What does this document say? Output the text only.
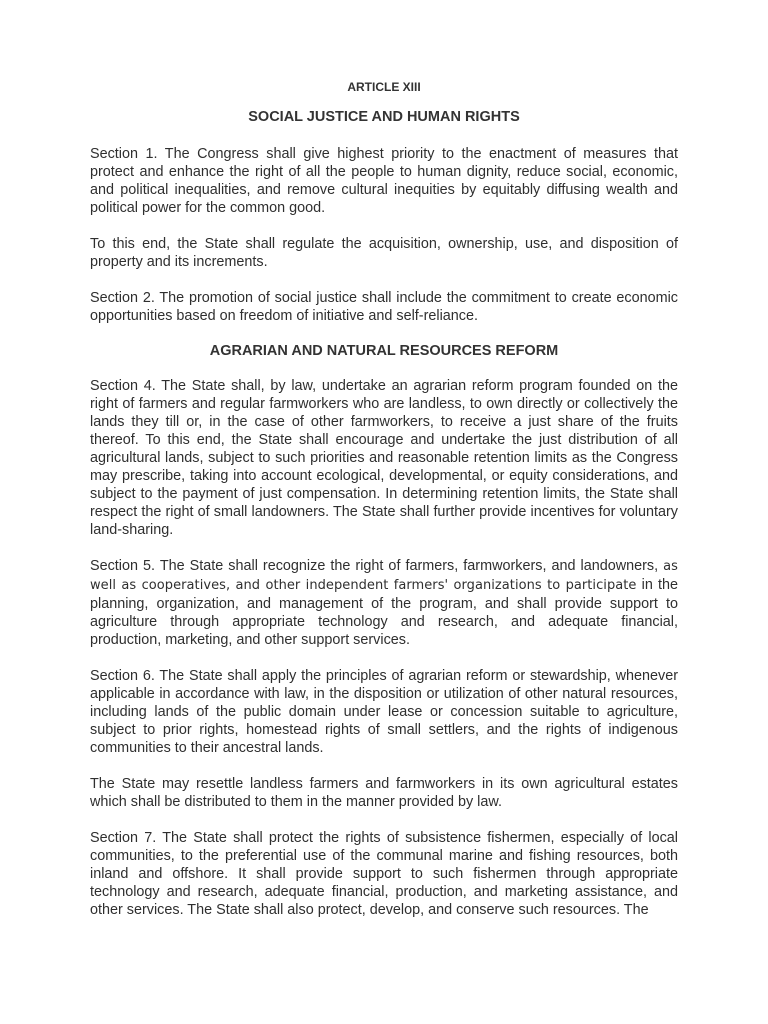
ARTICLE XIII
SOCIAL JUSTICE AND HUMAN RIGHTS

Section 1. The Congress shall give highest priority to the enactment of measures that protect and enhance the right of all the people to human dignity, reduce social, economic, and political inequalities, and remove cultural inequities by equitably diffusing wealth and political power for the common good.

To this end, the State shall regulate the acquisition, ownership, use, and disposition of property and its increments.

Section 2. The promotion of social justice shall include the commitment to create economic opportunities based on freedom of initiative and self-reliance.

AGRARIAN AND NATURAL RESOURCES REFORM

Section 4. The State shall, by law, undertake an agrarian reform program founded on the right of farmers and regular farmworkers who are landless, to own directly or collectively the lands they till or, in the case of other farmworkers, to receive a just share of the fruits thereof. To this end, the State shall encourage and undertake the just distribution of all agricultural lands, subject to such priorities and reasonable retention limits as the Congress may prescribe, taking into account ecological, developmental, or equity considerations, and subject to the payment of just compensation. In determining retention limits, the State shall respect the right of small landowners. The State shall further provide incentives for voluntary land-sharing.

Section 5. The State shall recognize the right of farmers, farmworkers, and landowners, as well as cooperatives, and other independent farmers' organizations to participate in the planning, organization, and management of the program, and shall provide support to agriculture through appropriate technology and research, and adequate financial, production, marketing, and other support services.

Section 6. The State shall apply the principles of agrarian reform or stewardship, whenever applicable in accordance with law, in the disposition or utilization of other natural resources, including lands of the public domain under lease or concession suitable to agriculture, subject to prior rights, homestead rights of small settlers, and the rights of indigenous communities to their ancestral lands.

The State may resettle landless farmers and farmworkers in its own agricultural estates which shall be distributed to them in the manner provided by law.

Section 7. The State shall protect the rights of subsistence fishermen, especially of local communities, to the preferential use of the communal marine and fishing resources, both inland and offshore. It shall provide support to such fishermen through appropriate technology and research, adequate financial, production, and marketing assistance, and other services. The State shall also protect, develop, and conserve such resources. The
